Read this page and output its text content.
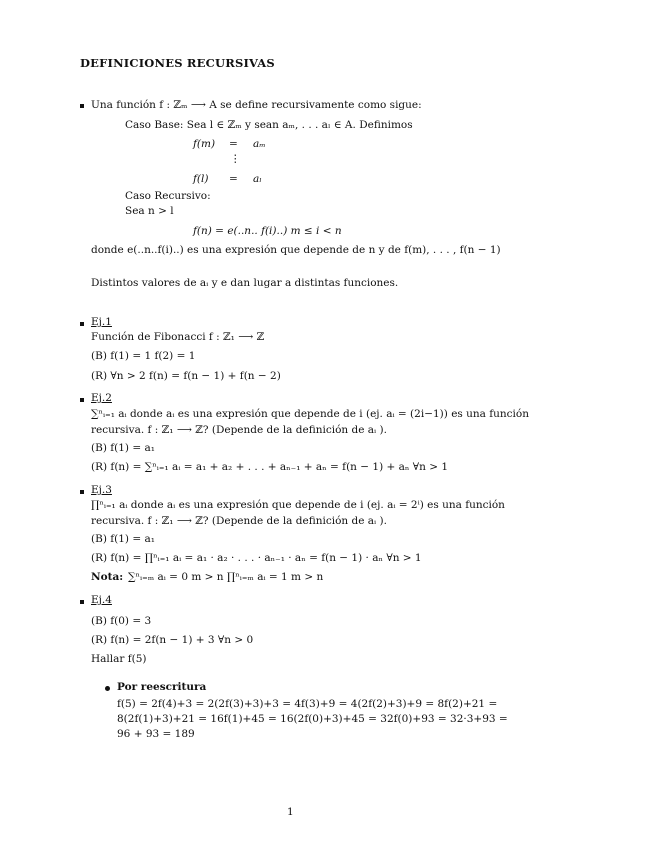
DEFINICIONES RECURSIVAS
Una función f : ℤₘ ⟶ A se define recursivamente como sigue:
Caso Base: Sea l ∈ ℤₘ y sean aₘ, . . . aₗ ∈ A. Definimos
f(m) = aₘ
⋮
f(l) = aₗ
Caso Recursivo:
Sea n > l
f(n) = e(..n.. f(i)..) m ≤ i < n
donde e(..n..f(i)..) es una expresión que depende de n y de f(m), . . . , f(n − 1)
Distintos valores de aᵢ y e dan lugar a distintas funciones.
Ej.1
Función de Fibonacci f : ℤ₁ ⟶ ℤ
(B) f(1) = 1 f(2) = 1
(R) ∀n > 2 f(n) = f(n − 1) + f(n − 2)
Ej.2
∑ⁿᵢ₌₁ aᵢ donde aᵢ es una expresión que depende de i (ej. aᵢ = (2i−1)) es una función
recursiva. f : ℤ₁ ⟶ ℤ? (Depende de la definición de aᵢ ).
(B) f(1) = a₁
(R) f(n) = ∑ⁿᵢ₌₁ aᵢ = a₁ + a₂ + . . . + aₙ₋₁ + aₙ = f(n − 1) + aₙ ∀n > 1
Ej.3
∏ⁿᵢ₌₁ aᵢ donde aᵢ es una expresión que depende de i (ej. aᵢ = 2ⁱ) es una función
recursiva. f : ℤ₁ ⟶ ℤ? (Depende de la definición de aᵢ ).
(B) f(1) = a₁
(R) f(n) = ∏ⁿᵢ₌₁ aᵢ = a₁ · a₂ · . . . · aₙ₋₁ · aₙ = f(n − 1) · aₙ ∀n > 1
Nota: ∑ⁿᵢ₌ₘ aᵢ = 0 m > n ∏ⁿᵢ₌ₘ aᵢ = 1 m > n
Ej.4
(B) f(0) = 3
(R) f(n) = 2f(n − 1) + 3 ∀n > 0
Hallar f(5)
Por reescritura
f(5) = 2f(4)+3 = 2(2f(3)+3)+3 = 4f(3)+9 = 4(2f(2)+3)+9 = 8f(2)+21 =
8(2f(1)+3)+21 = 16f(1)+45 = 16(2f(0)+3)+45 = 32f(0)+93 = 32·3+93 =
96 + 93 = 189
1
